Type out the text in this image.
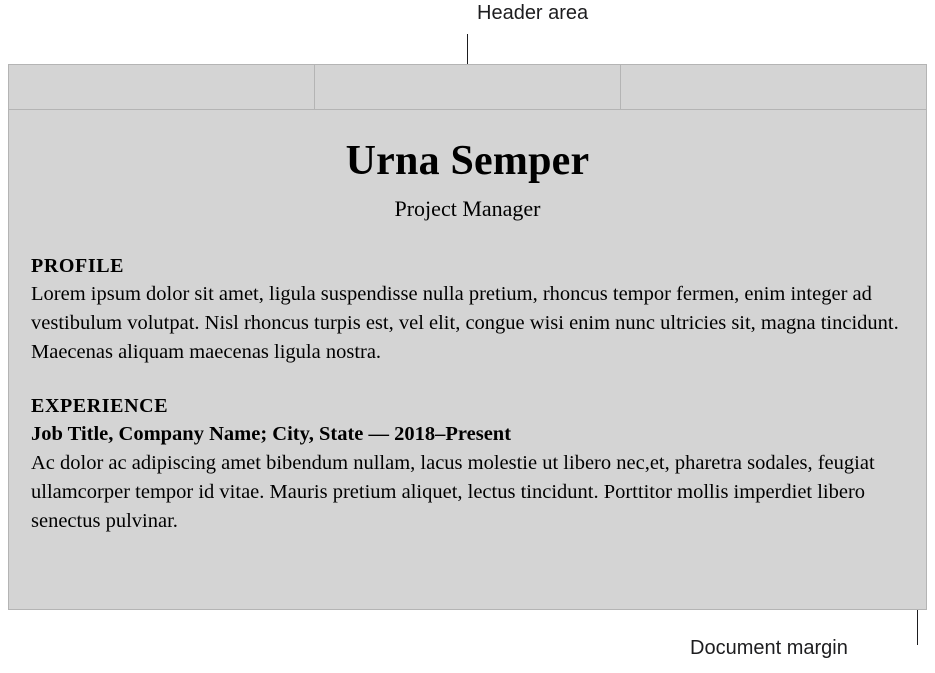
Header area
Urna Semper
Project Manager
PROFILE

Lorem ipsum dolor sit amet, ligula suspendisse nulla pretium, rhoncus tempor fermen, enim integer ad vestibulum volutpat. Nisl rhoncus turpis est, vel elit, congue wisi enim nunc ultricies sit, magna tincidunt. Maecenas aliquam maecenas ligula nostra.

EXPERIENCE

Job Title, Company Name; City, State — 2018–Present

Ac dolor ac adipiscing amet bibendum nullam, lacus molestie ut libero nec,et, pharetra sodales, feugiat ullamcorper tempor id vitae. Mauris pretium aliquet, lectus tincidunt. Porttitor mollis imperdiet libero senectus pulvinar.

Document margin
